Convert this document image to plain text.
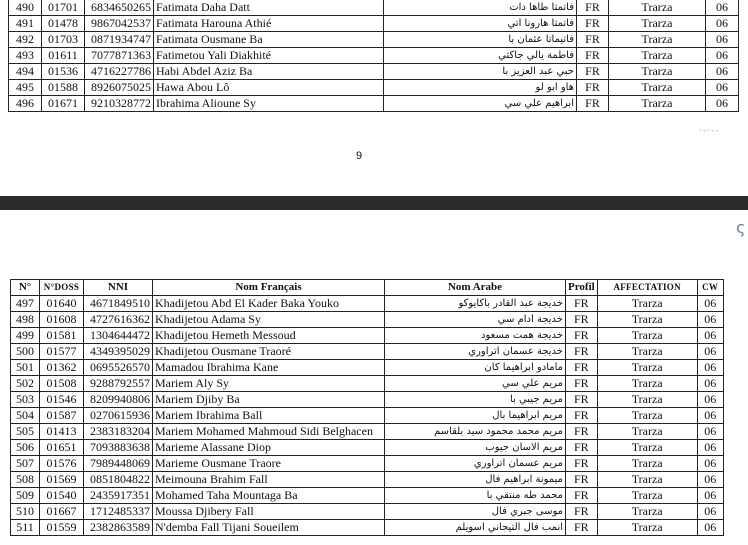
490	01701	6834650265	Fatimata Daha Datt	فاتمتا طاها دات	FR	Trarza	06
491	01478	9867042537	Fatimata Harouna Athié	فاتمتا هارونا اتي	FR	Trarza	06
492	01703	0871934747	Fatimata Ousmane Ba	فاتيماتا عثمان با	FR	Trarza	06
493	01611	7077871363	Fatimetou Yali Diakhité	فاطمة يالي جاكتي	FR	Trarza	06
494	01536	4716227786	Habi Abdel Aziz Ba	حبي عبد العزيز با	FR	Trarza	06
495	01588	8926075025	Hawa Abou Lô	هاو ابو لو	FR	Trarza	06
496	01671	9210328772	Ibrahima Alioune Sy	ابراهيم علي سي	FR	Trarza	06
9
·-·--
ς
N°	N°DOSS	NNI	Nom Français	Nom Arabe	Profil	AFFECTATION	CW
497	01640	4671849510	Khadijetou Abd El Kader Baka Youko	خديجة عبد القادر باكايوكو	FR	Trarza	06
498	01608	4727616362	Khadijetou Adama Sy	خديجة ادام سي	FR	Trarza	06
499	01581	1304644472	Khadijetou Hemeth Messoud	خديجة همت مسعود	FR	Trarza	06
500	01577	4349395029	Khadijetou Ousmane Traoré	خديجة عسمان اتراوري	FR	Trarza	06
501	01362	0695526570	Mamadou Ibrahima Kane	مامادو ابراهيما كان	FR	Trarza	06
502	01508	9288792557	Mariem Aly Sy	مريم علي سي	FR	Trarza	06
503	01546	8209940806	Mariem Djiby Ba	مريم جيبي با	FR	Trarza	06
504	01587	0270615936	Mariem Ibrahima Ball	مريم ابراهيما بال	FR	Trarza	06
505	01413	2383183204	Mariem Mohamed Mahmoud Sidi Belghacen	مريم محمد محمود سيد بلقاسم	FR	Trarza	06
506	01651	7093883638	Marieme Alassane Diop	مريم الاسان جيوب	FR	Trarza	06
507	01576	7989448069	Marieme Ousmane Traore	مريم عسمان اتراوري	FR	Trarza	06
508	01569	0851804822	Meimouna Brahim Fall	ميمونة ابراهيم فال	FR	Trarza	06
509	01540	2435917351	Mohamed Taha Mountaga Ba	محمد طه منتقي با	FR	Trarza	06
510	01667	1712485337	Moussa Djibery Fall	موسى جبري فال	FR	Trarza	06
511	01559	2382863589	N'demba Fall Tijani Soueilem	انمب فال التيجاني اسويلم	FR	Trarza	06
